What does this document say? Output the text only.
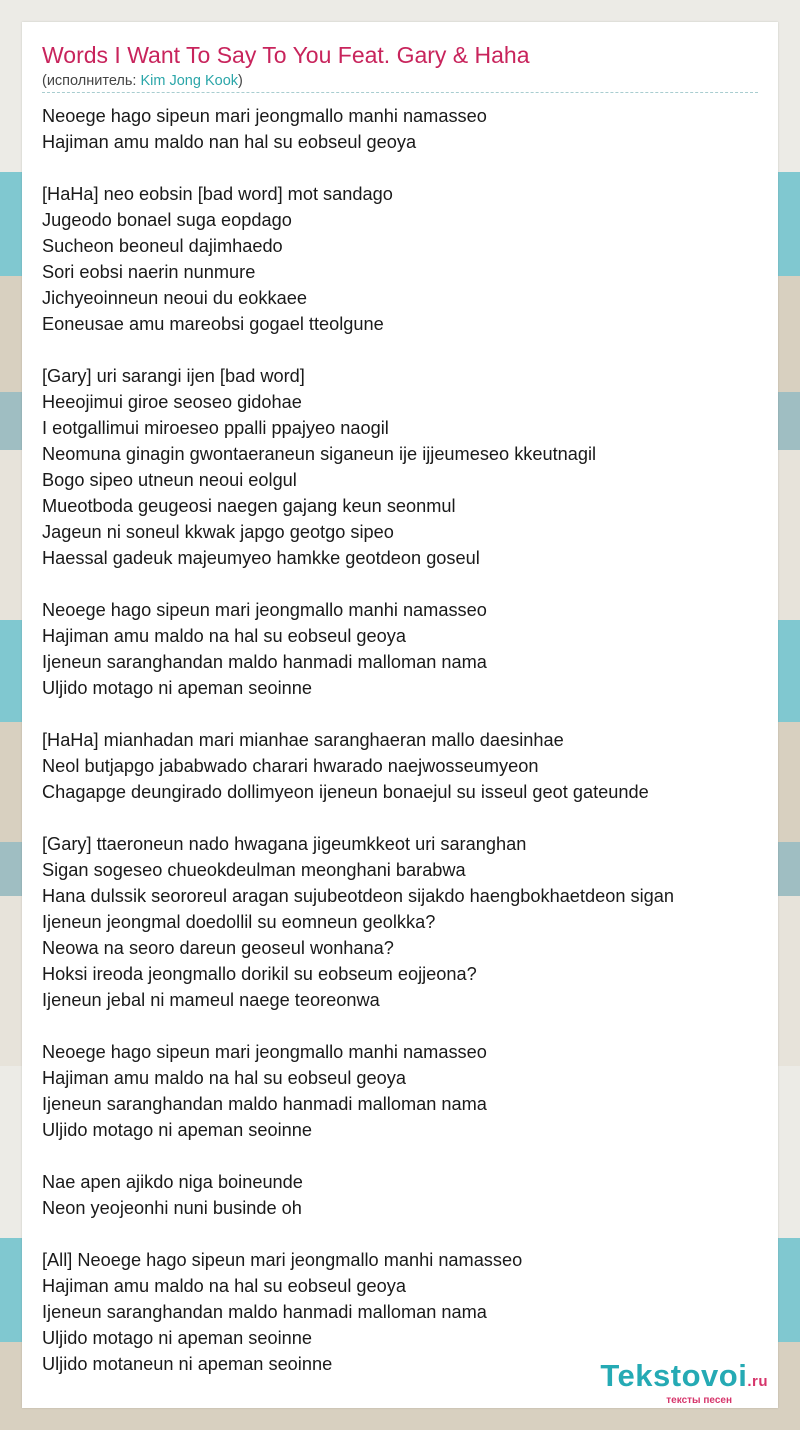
Words I Want To Say To You Feat. Gary & Haha
(исполнитель: Kim Jong Kook)
Neoege hago sipeun mari jeongmallo manhi namasseo
Hajiman amu maldo nan hal su eobseul geoya
[HaHa] neo eobsin [bad word] mot sandago
Jugeodo bonael suga eopdago
Sucheon beoneul dajimhaedo
Sori eobsi naerin nunmure
Jichyeoinneun neoui du eokkaee
Eoneusae amu mareobsi gogael tteolgune
[Gary] uri sarangi ijen [bad word]
Heeojimui giroe seoseo gidohae
I eotgallimui miroeseo ppalli ppajyeo naogil
Neomuna ginagin gwontaeraneun siganeun ije ijjeumeseo kkeutnagil
Bogo sipeo utneun neoui eolgul
Mueotboda geugeosi naegen gajang keun seonmul
Jageun ni soneul kkwak japgo geotgo sipeo
Haessal gadeuk majeumyeo hamkke geotdeon goseul
Neoege hago sipeun mari jeongmallo manhi namasseo
Hajiman amu maldo na hal su eobseul geoya
Ijeneun saranghandan maldo hanmadi malloman nama
Uljido motago ni apeman seoinne
[HaHa] mianhadan mari mianhae saranghaeran mallo daesinhae
Neol butjapgo jababwado charari hwarado naejwosseumyeon
Chagapge deungirado dollimyeon ijeneun bonaejul su isseul geot gateunde
[Gary] ttaeroneun nado hwagana jigeumkkeot uri saranghan
Sigan sogeseo chueokdeulman meonghani barabwa
Hana dulssik seororeul aragan sujubeotdeon sijakdo haengbokhaetdeon sigan
Ijeneun jeongmal doedollil su eomneun geolkka?
Neowa na seoro dareun geoseul wonhana?
Hoksi ireoda jeongmallo dorikil su eobseum eojjeona?
Ijeneun jebal ni mameul naege teoreonwa
Neoege hago sipeun mari jeongmallo manhi namasseo
Hajiman amu maldo na hal su eobseul geoya
Ijeneun saranghandan maldo hanmadi malloman nama
Uljido motago ni apeman seoinne
Nae apen ajikdo niga boineunde
Neon yeojeonhi nuni businde oh
[All] Neoege hago sipeun mari jeongmallo manhi namasseo
Hajiman amu maldo na hal su eobseul geoya
Ijeneun saranghandan maldo hanmadi malloman nama
Uljido motago ni apeman seoinne
Uljido motaneun ni apeman seoinne	Tekstovoi.ru
тексты песен
